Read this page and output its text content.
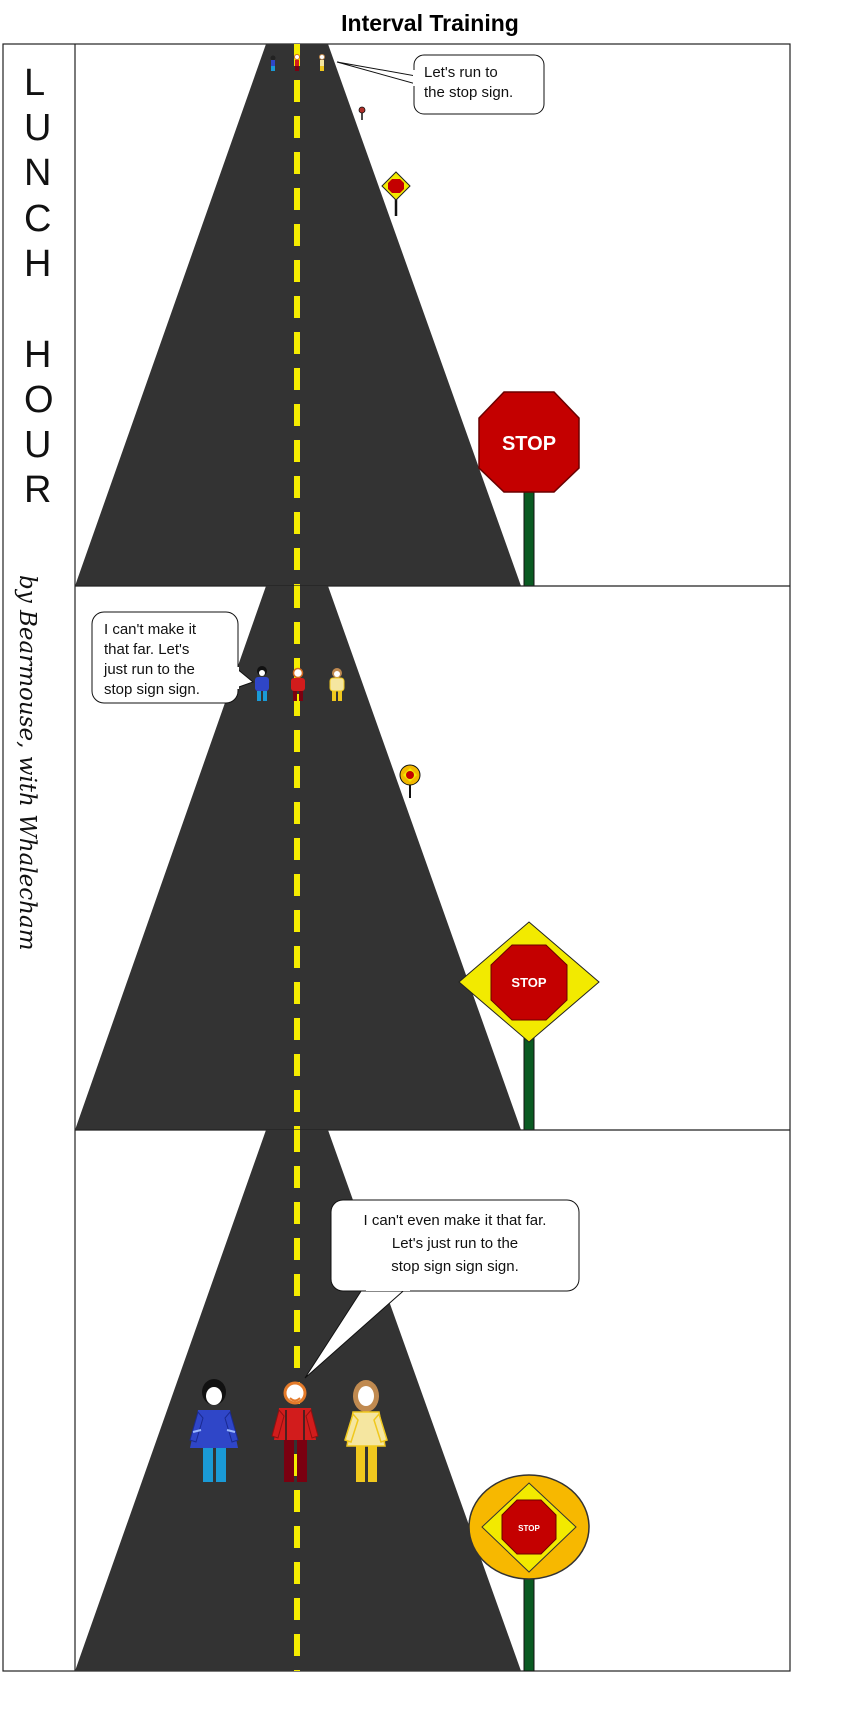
Interval Training
STOP
STOP
STOP
L
U
N
C
H
H
O
U
R
by Bearmouse, with Whalecham
Let's run to
the stop sign.
I can't make it
that far. Let's
just run to the
stop sign sign.
I can't even make it that far.
Let's just run to the
stop sign sign sign.
